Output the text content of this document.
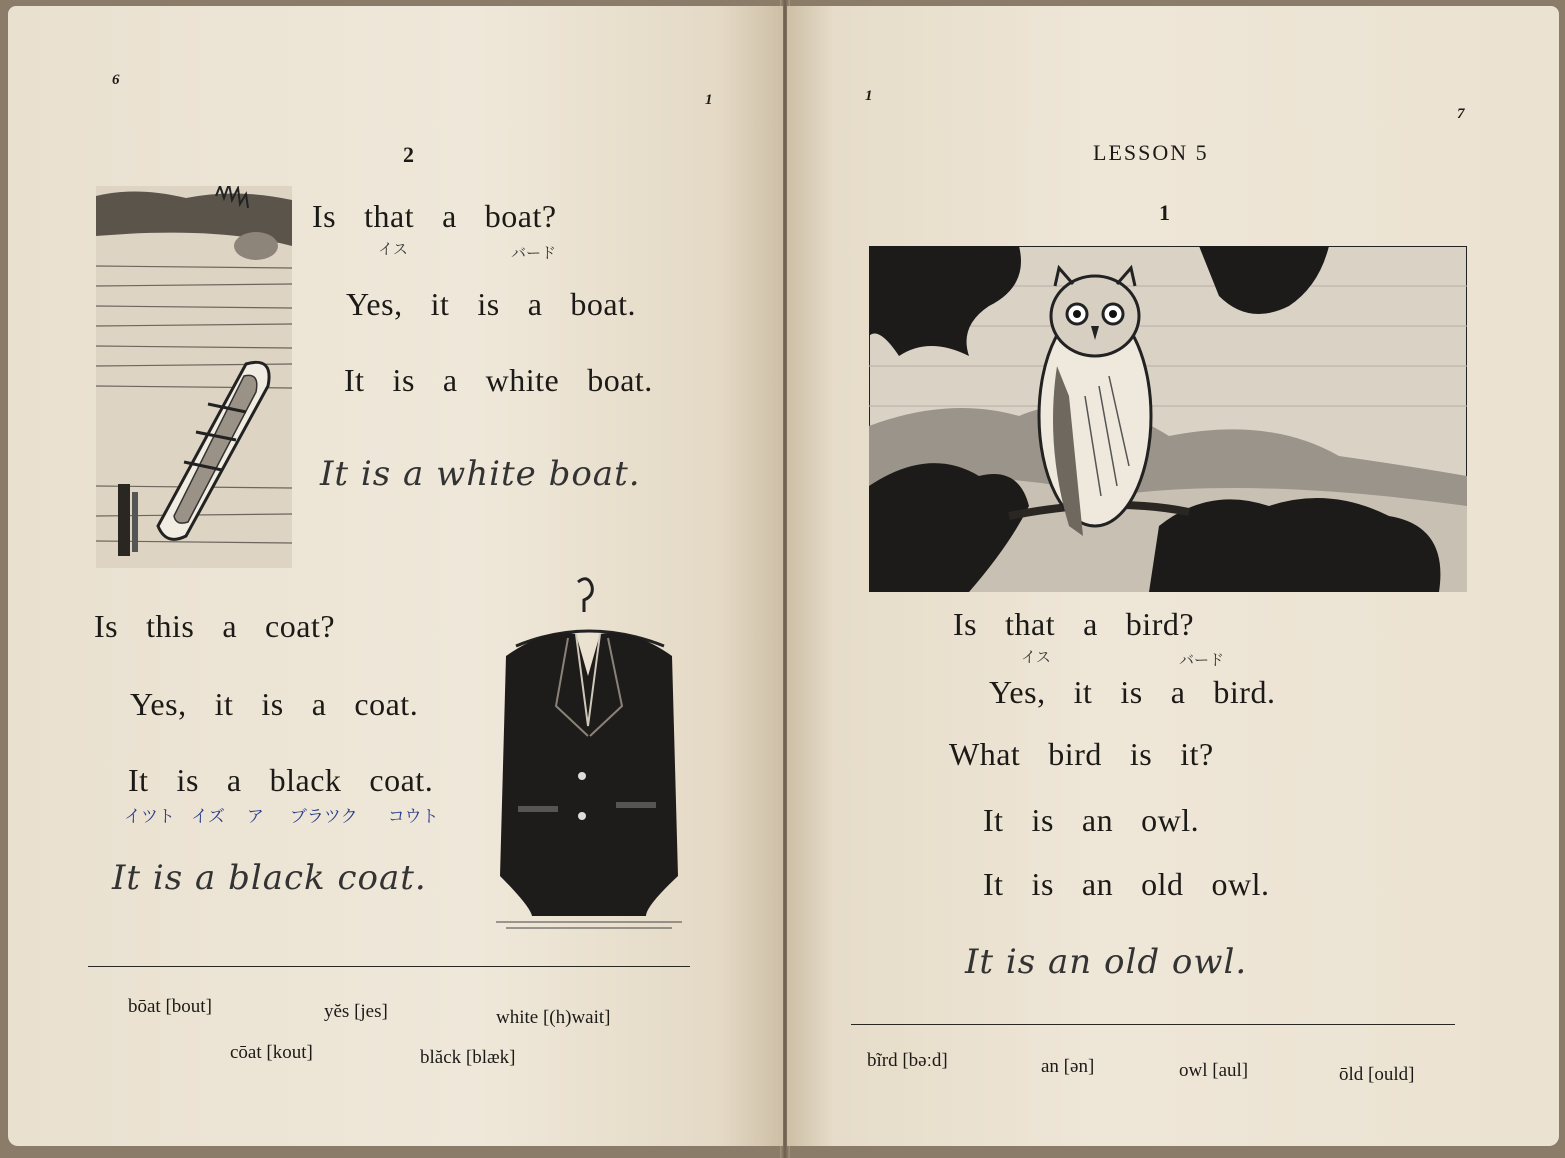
6
1
2
Is that a boat?
イス	バード
Yes, it is a boat.
It is a white boat.
It is a white boat.
Is this a coat?
Yes, it is a coat.
It is a black coat.
イツト イズ ア ブラツク コウト
It is a black coat.
bōat [bout]	yĕs [jes]	white [(h)wait]
cōat [kout]	blăck [blæk]
1
7
LESSON 5
1
Is that a bird?
イス	バード
Yes, it is a bird.
What bird is it?
It is an owl.
It is an old owl.
It is an old owl.
bĩrd [bəːd]	an [ən]	owl [aul]	ōld [ould]
